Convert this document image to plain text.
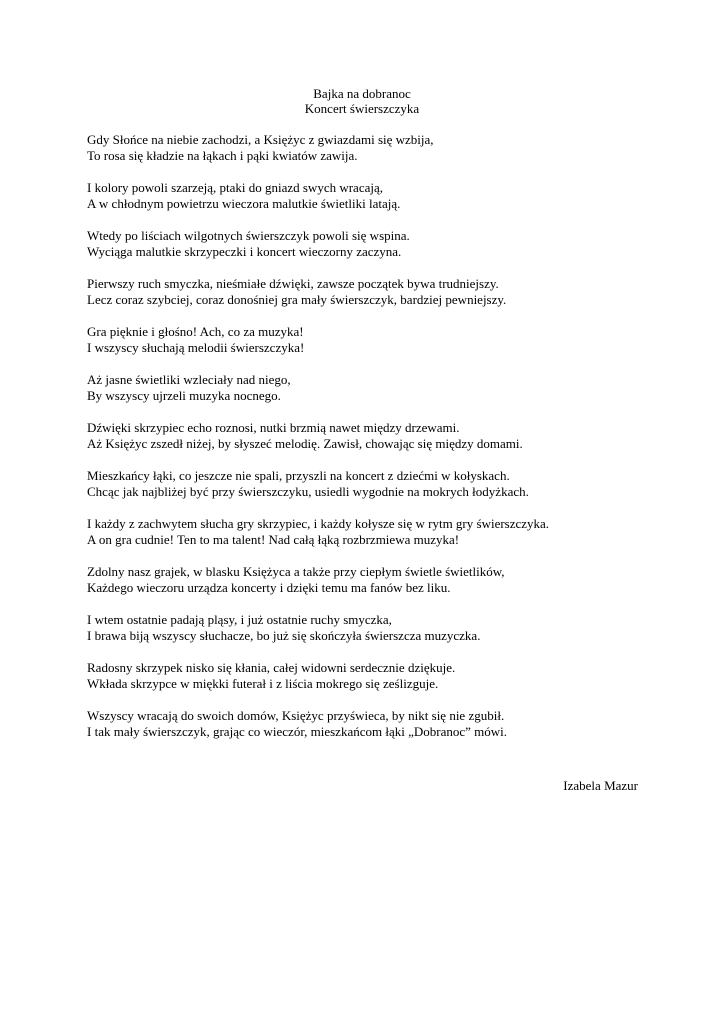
Bajka na dobranoc
Koncert świerszczyka
Gdy Słońce na niebie zachodzi, a Księżyc z gwiazdami się wzbija,
To rosa się kładzie na łąkach i pąki kwiatów zawija.
I kolory powoli szarzeją, ptaki do gniazd swych wracają,
A w chłodnym powietrzu wieczora malutkie świetliki latają.
Wtedy po liściach wilgotnych świerszczyk powoli się wspina.
Wyciąga malutkie skrzypeczki i koncert wieczorny zaczyna.
Pierwszy ruch smyczka, nieśmiałe dźwięki, zawsze początek bywa trudniejszy.
Lecz coraz szybciej, coraz donośniej gra mały świerszczyk, bardziej pewniejszy.
Gra pięknie i głośno! Ach, co za muzyka!
I wszyscy słuchają melodii świerszczyka!
Aż jasne świetliki wzleciały nad niego,
By wszyscy ujrzeli muzyka nocnego.
Dźwięki skrzypiec echo roznosi, nutki brzmią nawet między drzewami.
Aż Księżyc zszedł niżej, by słyszeć melodię. Zawisł, chowając się między domami.
Mieszkańcy łąki, co jeszcze nie spali, przyszli na koncert z dziećmi w kołyskach.
Chcąc jak najbliżej być przy świerszczyku, usiedli wygodnie na mokrych łodyżkach.
I każdy z zachwytem słucha gry skrzypiec, i każdy kołysze się w rytm gry świerszczyka.
A on gra cudnie! Ten to ma talent! Nad całą łąką rozbrzmiewa muzyka!
Zdolny nasz grajek, w blasku Księżyca a także przy ciepłym świetle świetlików,
Każdego wieczoru urządza koncerty i dzięki temu ma fanów bez liku.
I wtem ostatnie padają pląsy, i już ostatnie ruchy smyczka,
I brawa biją wszyscy słuchacze, bo już się skończyła świerszcza muzyczka.
Radosny skrzypek nisko się kłania, całej widowni serdecznie dziękuje.
Wkłada skrzypce w miękki futerał i z liścia mokrego się ześlizguje.
Wszyscy wracają do swoich domów, Księżyc przyświeca, by nikt się nie zgubił.
I tak mały świerszczyk, grając co wieczór, mieszkańcom łąki „Dobranoc” mówi.
Izabela Mazur
